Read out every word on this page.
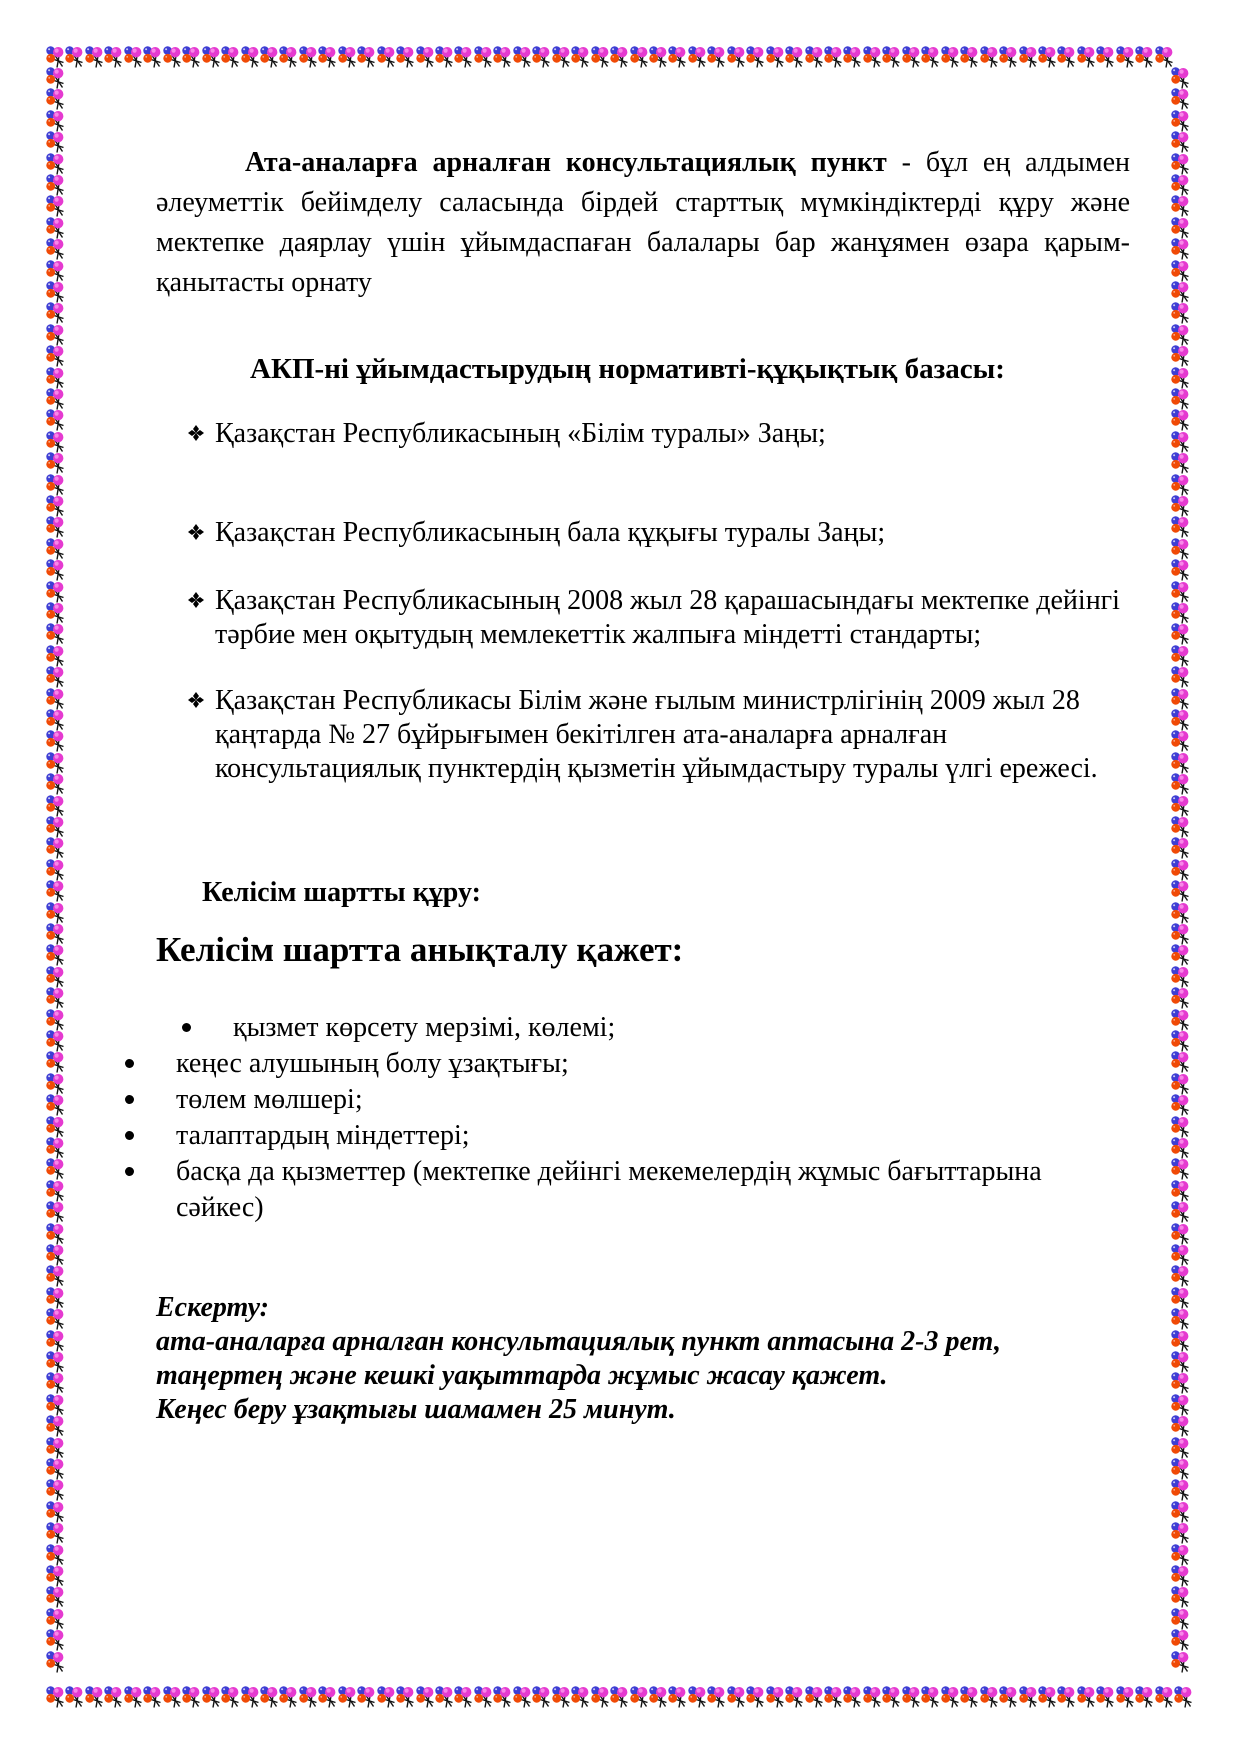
Ата-аналарға арналған консультациялық пункт - бұл ең алдымен әлеуметтік бейімделу саласында бірдей старттық мүмкіндіктерді құру және мектепке даярлау үшін ұйымдаспаған балалары бар жанұямен өзара қарым-қанытасты орнату

АКП-ні ұйымдастырудың нормативті-құқықтық базасы:
Қазақстан Республикасының «Білім туралы» Заңы;
Қазақстан Республикасының бала құқығы туралы Заңы;
Қазақстан Республикасының 2008 жыл 28 қарашасындағы мектепке дейінгі тәрбие мен оқытудың мемлекеттік жалпыға міндетті стандарты;
Қазақстан Республикасы Білім және ғылым министрлігінің 2009 жыл 28 қаңтарда № 27 бұйрығымен бекітілген ата-аналарға арналған консультациялық пунктердің қызметін ұйымдастыру туралы үлгі ережесі.
Келісім шартты құру:
Келісім шартта анықталу қажет:
қызмет көрсету мерзімі, көлемі;
кеңес алушының болу ұзақтығы;
төлем мөлшері;
талаптардың міндеттері;
басқа да қызметтер (мектепке дейінгі мекемелердің жұмыс бағыттарына сәйкес)
Ескерту:
ата-аналарға арналған консультациялық пункт аптасына 2-3 рет,
таңертең және кешкі уақыттарда жұмыс жасау қажет.
Кеңес беру ұзақтығы шамамен 25 минут.
